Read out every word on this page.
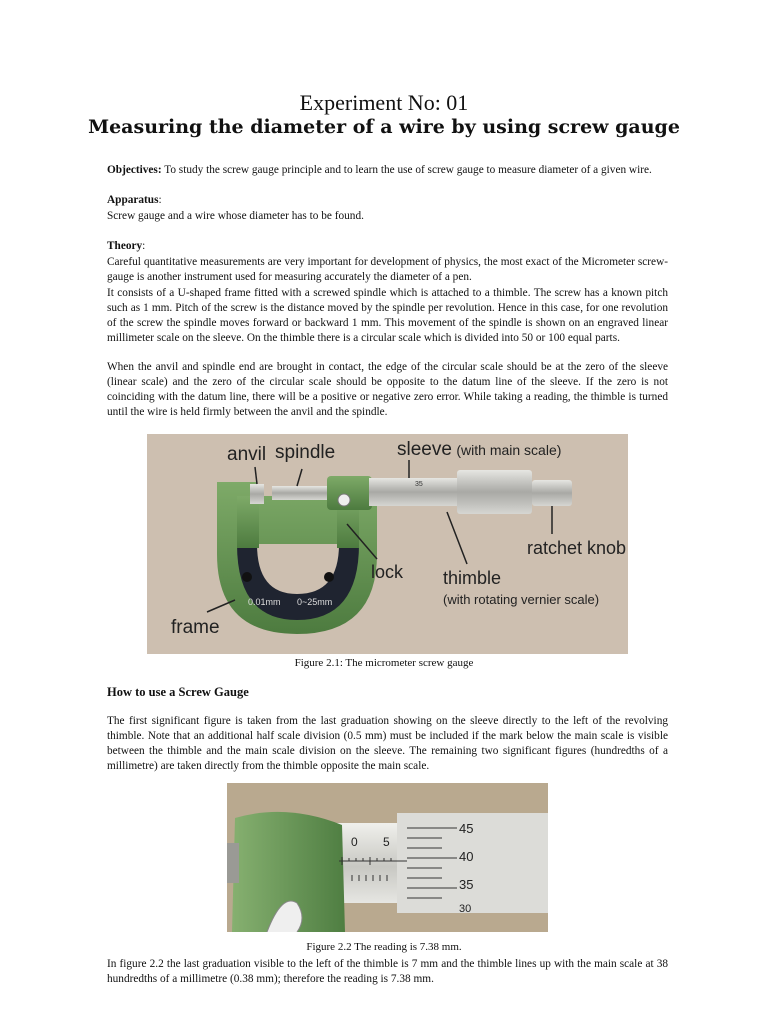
Experiment No: 01
Measuring the diameter of a wire by using screw gauge
Objectives: To study the screw gauge principle and to learn the use of screw gauge to measure diameter of a given wire.
Apparatus:
Screw gauge and a wire whose diameter has to be found.
Theory:
Careful quantitative measurements are very important for development of physics, the most exact of the Micrometer screw-gauge is another instrument used for measuring accurately the diameter of a pen.
It consists of a U-shaped frame fitted with a screwed spindle which is attached to a thimble. The screw has a known pitch such as 1 mm. Pitch of the screw is the distance moved by the spindle per revolution. Hence in this case, for one revolution of the screw the spindle moves forward or backward 1 mm. This movement of the spindle is shown on an engraved linear millimeter scale on the sleeve. On the thimble there is a circular scale which is divided into 50 or 100 equal parts.
When the anvil and spindle end are brought in contact, the edge of the circular scale should be at the zero of the sleeve (linear scale) and the zero of the circular scale should be opposite to the datum line of the sleeve. If the zero is not coinciding with the datum line, there will be a positive or negative zero error. While taking a reading, the thimble is turned until the wire is held firmly between the anvil and the spindle.
anvil spindle	sleeve (with main scale)
ratchet knob
lock thimble
(with rotating vernier scale)
frame
0.01mm 0~25mm
35
Figure 2.1: The micrometer screw gauge
How to use a Screw Gauge
The first significant figure is taken from the last graduation showing on the sleeve directly to the left of the revolving thimble. Note that an additional half scale division (0.5 mm) must be included if the mark below the main scale is visible between the thimble and the main scale division on the sleeve. The remaining two significant figures (hundredths of a millimetre) are taken directly from the thimble opposite the main scale.
0 5
45
40
35
30
Figure 2.2 The reading is 7.38 mm.
In figure 2.2 the last graduation visible to the left of the thimble is 7 mm and the thimble lines up with the main scale at 38 hundredths of a millimetre (0.38 mm); therefore the reading is 7.38 mm.
